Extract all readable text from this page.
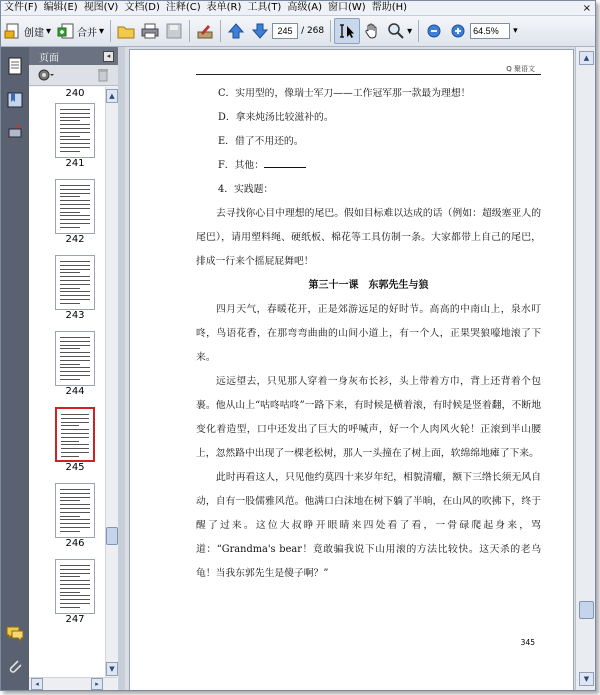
文件(F) 编辑(E) 视图(V) 文档(D) 注释(C) 表单(R) 工具(T) 高级(A) 窗口(W) 帮助(H)	×
创建 ▾	合并 ▾
245	/ 268	▾
64.5%	▾
页面	◂
240
241
242
243
244
245
246
247
▲
▼
◂	▸
Q 聚语文

C．实用型的，像瑞士军刀——工作冠军那一款最为理想！

D．拿来炖汤比较滋补的。

E．借了不用还的。

F．其他：

4．实践题：

去寻找你心目中理想的尾巴。假如目标难以达成的话（例如：超级塞亚人的尾巴），请用塑料绳、硬纸板、棉花等工具仿制一条。大家都带上自己的尾巴，排成一行来个摇屁屁舞吧！

第三十一课　东郭先生与狼

四月天气，春暖花开，正是郊游远足的好时节。高高的中南山上，泉水叮咚，鸟语花香，在那弯弯曲曲的山间小道上，有一个人，正果哭狼嚎地滚了下来。

远远望去，只见那人穿着一身灰布长衫，头上带着方巾，背上还背着个包裹。他从山上“咕咚咕咚”一路下来，有时候是横着滚，有时候是竖着翻，不断地变化着造型，口中还发出了巨大的呼喊声，好一个人肉风火轮！正滚到半山腰上，忽然路中出现了一棵老松树，那人一头撞在了树上面，软绵绵地瘫了下来。

此时再看这人，只见他约莫四十来岁年纪，相貌清癯，额下三绺长须无风自动，自有一股儒雅风范。他满口白沫地在树下躺了半晌，在山风的吹拂下，终于醒了过来。这位大叔睁开眼睛来四处看了看，一骨碌爬起身来，骂道：“Grandma's bear！竟敢骗我说下山用滚的方法比较快。这天杀的老乌龟！当我东郭先生是傻子啊？”

345
▲
▼
